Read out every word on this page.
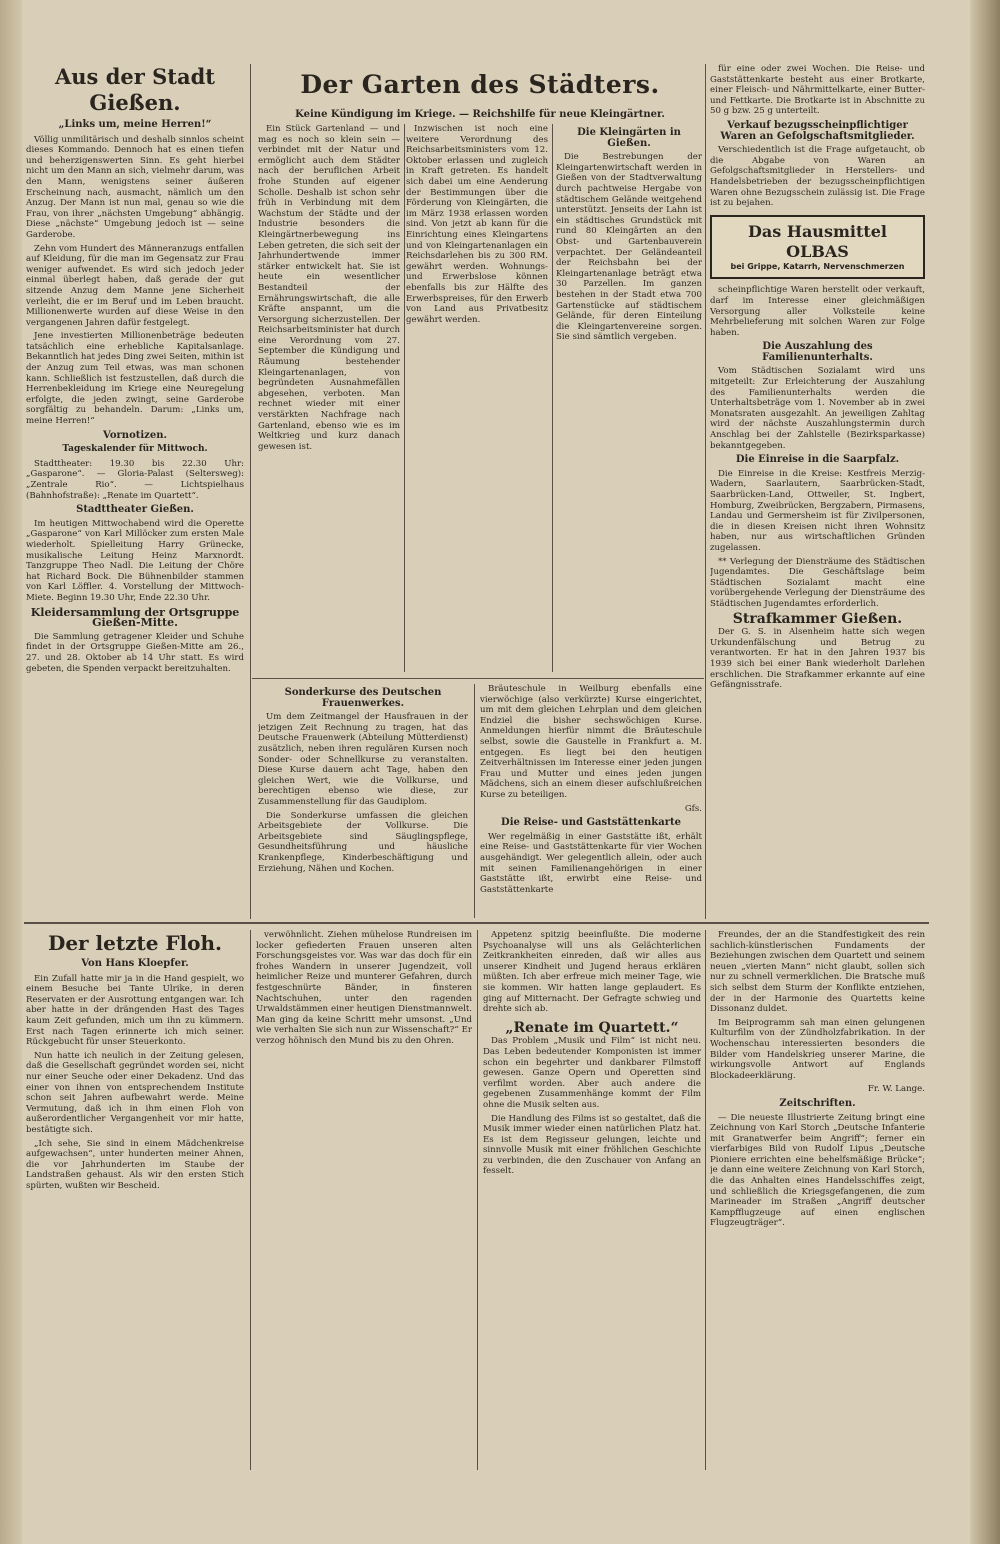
Aus der Stadt Gießen.
„Links um, meine Herren!“

Völlig unmilitärisch und deshalb sinnlos scheint dieses Kommando. Dennoch hat es einen tiefen und beherzigenswerten Sinn. Es geht hierbei nicht um den Mann an sich, vielmehr darum, was den Mann, wenigstens seiner äußeren Erscheinung nach, ausmacht, nämlich um den Anzug. Der Mann ist nun mal, genau so wie die Frau, von ihrer „nächsten Umgebung“ abhängig. Diese „nächste“ Umgebung jedoch ist — seine Garderobe.

Zehn vom Hundert des Männeranzugs entfallen auf Kleidung, für die man im Gegensatz zur Frau weniger aufwendet. Es wird sich jedoch jeder einmal überlegt haben, daß gerade der gut sitzende Anzug dem Manne jene Sicherheit verleiht, die er im Beruf und im Leben braucht. Millionenwerte wurden auf diese Weise in den vergangenen Jahren dafür festgelegt.

Jene investierten Millionenbeträge bedeuten tatsächlich eine erhebliche Kapitalsanlage. Bekanntlich hat jedes Ding zwei Seiten, mithin ist der Anzug zum Teil etwas, was man schonen kann. Schließlich ist festzustellen, daß durch die Herrenbekleidung im Kriege eine Neuregelung erfolgte, die jeden zwingt, seine Garderobe sorgfältig zu behandeln. Darum: „Links um, meine Herren!“

Vornotizen.
Tageskalender für Mittwoch.

Stadttheater: 19.30 bis 22.30 Uhr: „Gasparone“. — Gloria-Palast (Seltersweg): „Zentrale Rio“. — Lichtspielhaus (Bahnhofstraße): „Renate im Quartett“.

Stadttheater Gießen.

Im heutigen Mittwochabend wird die Operette „Gasparone“ von Karl Millöcker zum ersten Male wiederholt. Spielleitung Harry Grünecke, musikalische Leitung Heinz Marxnordt. Tanzgruppe Theo Nadl. Die Leitung der Chöre hat Richard Bock. Die Bühnenbilder stammen von Karl Löffler. 4. Vorstellung der Mittwoch-Miete. Beginn 19.30 Uhr, Ende 22.30 Uhr.

Kleidersammlung der Ortsgruppe Gießen-Mitte.

Die Sammlung getragener Kleider und Schuhe findet in der Ortsgruppe Gießen-Mitte am 26., 27. und 28. Oktober ab 14 Uhr statt. Es wird gebeten, die Spenden verpackt bereitzuhalten.

Der Garten des Städters.
Keine Kündigung im Kriege. — Reichshilfe für neue Kleingärtner.

Ein Stück Gartenland — und mag es noch so klein sein — verbindet mit der Natur und ermöglicht auch dem Städter nach der beruflichen Arbeit frohe Stunden auf eigener Scholle. Deshalb ist schon sehr früh in Verbindung mit dem Wachstum der Städte und der Industrie besonders die Kleingärtnerbewegung ins Leben getreten, die sich seit der Jahrhundertwende immer stärker entwickelt hat. Sie ist heute ein wesentlicher Bestandteil der Ernährungswirtschaft, die alle Kräfte anspannt, um die Versorgung sicherzustellen. Der Reichsarbeitsminister hat durch eine Verordnung vom 27. September die Kündigung und Räumung bestehender Kleingartenanlagen, von begründeten Ausnahmefällen abgesehen, verboten. Man rechnet wieder mit einer verstärkten Nachfrage nach Gartenland, ebenso wie es im Weltkrieg und kurz danach gewesen ist.

Inzwischen ist noch eine weitere Verordnung des Reichsarbeitsministers vom 12. Oktober erlassen und zugleich in Kraft getreten. Es handelt sich dabei um eine Aenderung der Bestimmungen über die Förderung von Kleingärten, die im März 1938 erlassen worden sind. Von jetzt ab kann für die Einrichtung eines Kleingartens und von Kleingartenanlagen ein Reichsdarlehen bis zu 300 RM. gewährt werden. Wohnungs- und Erwerbslose können ebenfalls bis zur Hälfte des Erwerbspreises, für den Erwerb von Land aus Privatbesitz gewährt werden.

Die Kleingärten in Gießen.

Die Bestrebungen der Kleingartenwirtschaft werden in Gießen von der Stadtverwaltung durch pachtweise Hergabe von städtischem Gelände weitgehend unterstützt. Jenseits der Lahn ist ein städtisches Grundstück mit rund 80 Kleingärten an den Obst- und Gartenbauverein verpachtet. Der Geländeanteil der Reichsbahn bei der Kleingartenanlage beträgt etwa 30 Parzellen. Im ganzen bestehen in der Stadt etwa 700 Gartenstücke auf städtischem Gelände, für deren Einteilung die Kleingartenvereine sorgen. Sie sind sämtlich vergeben.

Sonderkurse des Deutschen Frauenwerkes.

Um dem Zeitmangel der Hausfrauen in der jetzigen Zeit Rechnung zu tragen, hat das Deutsche Frauenwerk (Abteilung Mütterdienst) zusätzlich, neben ihren regulären Kursen noch Sonder- oder Schnellkurse zu veranstalten. Diese Kurse dauern acht Tage, haben den gleichen Wert, wie die Vollkurse, und berechtigen ebenso wie diese, zur Zusammenstellung für das Gaudiplom.

Die Sonderkurse umfassen die gleichen Arbeitsgebiete der Vollkurse. Die Arbeitsgebiete sind Säuglingspflege, Gesundheitsführung und häusliche Krankenpflege, Kinderbeschäftigung und Erziehung, Nähen und Kochen.

Bräuteschule in Weilburg ebenfalls eine vierwöchige (also verkürzte) Kurse eingerichtet, um mit dem gleichen Lehrplan und dem gleichen Endziel die bisher sechswöchigen Kurse. Anmeldungen hierfür nimmt die Bräuteschule selbst, sowie die Gaustelle in Frankfurt a. M. entgegen. Es liegt bei den heutigen Zeitverhältnissen im Interesse einer jeden jungen Frau und Mutter und eines jeden jungen Mädchens, sich an einem dieser aufschlußreichen Kurse zu beteiligen.

Gfs.
Die Reise- und Gaststättenkarte

Wer regelmäßig in einer Gaststätte ißt, erhält eine Reise- und Gaststättenkarte für vier Wochen ausgehändigt. Wer gelegentlich allein, oder auch mit seinen Familienangehörigen in einer Gaststätte ißt, erwirbt eine Reise- und Gaststättenkarte

für eine oder zwei Wochen. Die Reise- und Gaststättenkarte besteht aus einer Brotkarte, einer Fleisch- und Nährmittelkarte, einer Butter- und Fettkarte. Die Brotkarte ist in Abschnitte zu 50 g bzw. 25 g unterteilt.

Verkauf bezugsscheinpflichtiger Waren an Gefolgschaftsmitglieder.

Verschiedentlich ist die Frage aufgetaucht, ob die Abgabe von Waren an Gefolgschaftsmitglieder in Herstellers- und Handelsbetrieben der bezugsscheinpflichtigen Waren ohne Bezugsschein zulässig ist. Die Frage ist zu bejahen.

Das Hausmittel OLBAS
bei Grippe, Katarrh, Nervenschmerzen

scheinpflichtige Waren herstellt oder verkauft, darf im Interesse einer gleichmäßigen Versorgung aller Volksteile keine Mehrbelieferung mit solchen Waren zur Folge haben.

Die Auszahlung des Familienunterhalts.

Vom Städtischen Sozialamt wird uns mitgeteilt: Zur Erleichterung der Auszahlung des Familienunterhalts werden die Unterhaltsbeträge vom 1. November ab in zwei Monatsraten ausgezahlt. An jeweiligen Zahltag wird der nächste Auszahlungstermin durch Anschlag bei der Zahlstelle (Bezirksparkasse) bekanntgegeben.

Die Einreise in die Saarpfalz.

Die Einreise in die Kreise: Kestfreis Merzig-Wadern, Saarlautern, Saarbrücken-Stadt, Saarbrücken-Land, Ottweiler, St. Ingbert, Homburg, Zweibrücken, Bergzabern, Pirmasens, Landau und Germersheim ist für Zivilpersonen, die in diesen Kreisen nicht ihren Wohnsitz haben, nur aus wirtschaftlichen Gründen zugelassen.

** Verlegung der Diensträume des Städtischen Jugendamtes. Die Geschäftslage beim Städtischen Sozialamt macht eine vorübergehende Verlegung der Diensträume des Städtischen Jugendamtes erforderlich.

Strafkammer Gießen.

Der G. S. in Alsenheim hatte sich wegen Urkundenfälschung und Betrug zu verantworten. Er hat in den Jahren 1937 bis 1939 sich bei einer Bank wiederholt Darlehen erschlichen. Die Strafkammer erkannte auf eine Gefängnisstrafe.

Der letzte Floh.
Von Hans Kloepfer.

Ein Zufall hatte mir ja in die Hand gespielt, wo einem Besuche bei Tante Ulrike, in deren Reservaten er der Ausrottung entgangen war. Ich aber hatte in der drängenden Hast des Tages kaum Zeit gefunden, mich um ihn zu kümmern. Erst nach Tagen erinnerte ich mich seiner. Rückgebucht für unser Steuerkonto.

Nun hatte ich neulich in der Zeitung gelesen, daß die Gesellschaft gegründet worden sei, nicht nur einer Seuche oder einer Dekadenz. Und das einer von ihnen von entsprechendem Institute schon seit Jahren aufbewahrt werde. Meine Vermutung, daß ich in ihm einen Floh von außerordentlicher Vergangenheit vor mir hatte, bestätigte sich.

„Ich sehe, Sie sind in einem Mädchenkreise aufgewachsen“, unter hunderten meiner Ahnen, die vor Jahrhunderten im Staube der Landstraßen gehaust. Als wir den ersten Stich spürten, wußten wir Bescheid.

verwöhnlicht. Ziehen mühelose Rundreisen im locker gefiederten Frauen unseren alten Forschungsgeistes vor. Was war das doch für ein frohes Wandern in unserer Jugendzeit, voll heimlicher Reize und munterer Gefahren, durch festgeschnürte Bänder, in finsteren Nachtschuhen, unter den ragenden Urwaldstämmen einer heutigen Dienstmannwelt. Man ging da keine Schritt mehr umsonst. „Und wie verhalten Sie sich nun zur Wissenschaft?“ Er verzog höhnisch den Mund bis zu den Ohren.

Appetenz spitzig beeinflußte. Die moderne Psychoanalyse will uns als Gelächterlichen Zeitkrankheiten einreden, daß wir alles aus unserer Kindheit und Jugend heraus erklären müßten. Ich aber erfreue mich meiner Tage, wie sie kommen. Wir hatten lange geplaudert. Es ging auf Mitternacht. Der Gefragte schwieg und drehte sich ab.

„Renate im Quartett.“

Das Problem „Musik und Film“ ist nicht neu. Das Leben bedeutender Komponisten ist immer schon ein begehrter und dankbarer Filmstoff gewesen. Ganze Opern und Operetten sind verfilmt worden. Aber auch andere die gegebenen Zusammenhänge kommt der Film ohne die Musik selten aus.

Die Handlung des Films ist so gestaltet, daß die Musik immer wieder einen natürlichen Platz hat. Es ist dem Regisseur gelungen, leichte und sinnvolle Musik mit einer fröhlichen Geschichte zu verbinden, die den Zuschauer von Anfang an fesselt.

Freundes, der an die Standfestigkeit des rein sachlich-künstlerischen Fundaments der Beziehungen zwischen dem Quartett und seinem neuen „vierten Mann“ nicht glaubt, sollen sich nur zu schnell vermerklichen. Die Bratsche muß sich selbst dem Sturm der Konflikte entziehen, der in der Harmonie des Quartetts keine Dissonanz duldet.

Im Beiprogramm sah man einen gelungenen Kulturfilm von der Zündholzfabrikation. In der Wochenschau interessierten besonders die Bilder vom Handelskrieg unserer Marine, die wirkungsvolle Antwort auf Englands Blockadeerklärung.

Fr. W. Lange.
Zeitschriften.

— Die neueste Illustrierte Zeitung bringt eine Zeichnung von Karl Storch „Deutsche Infanterie mit Granatwerfer beim Angriff“; ferner ein vierfarbiges Bild von Rudolf Lipus „Deutsche Pioniere errichten eine behelfsmäßige Brücke“; je dann eine weitere Zeichnung von Karl Storch, die das Anhalten eines Handelsschiffes zeigt, und schließlich die Kriegsgefangenen, die zum Marineader im Straßen „Angriff deutscher Kampfflugzeuge auf einen englischen Flugzeugträger“.
